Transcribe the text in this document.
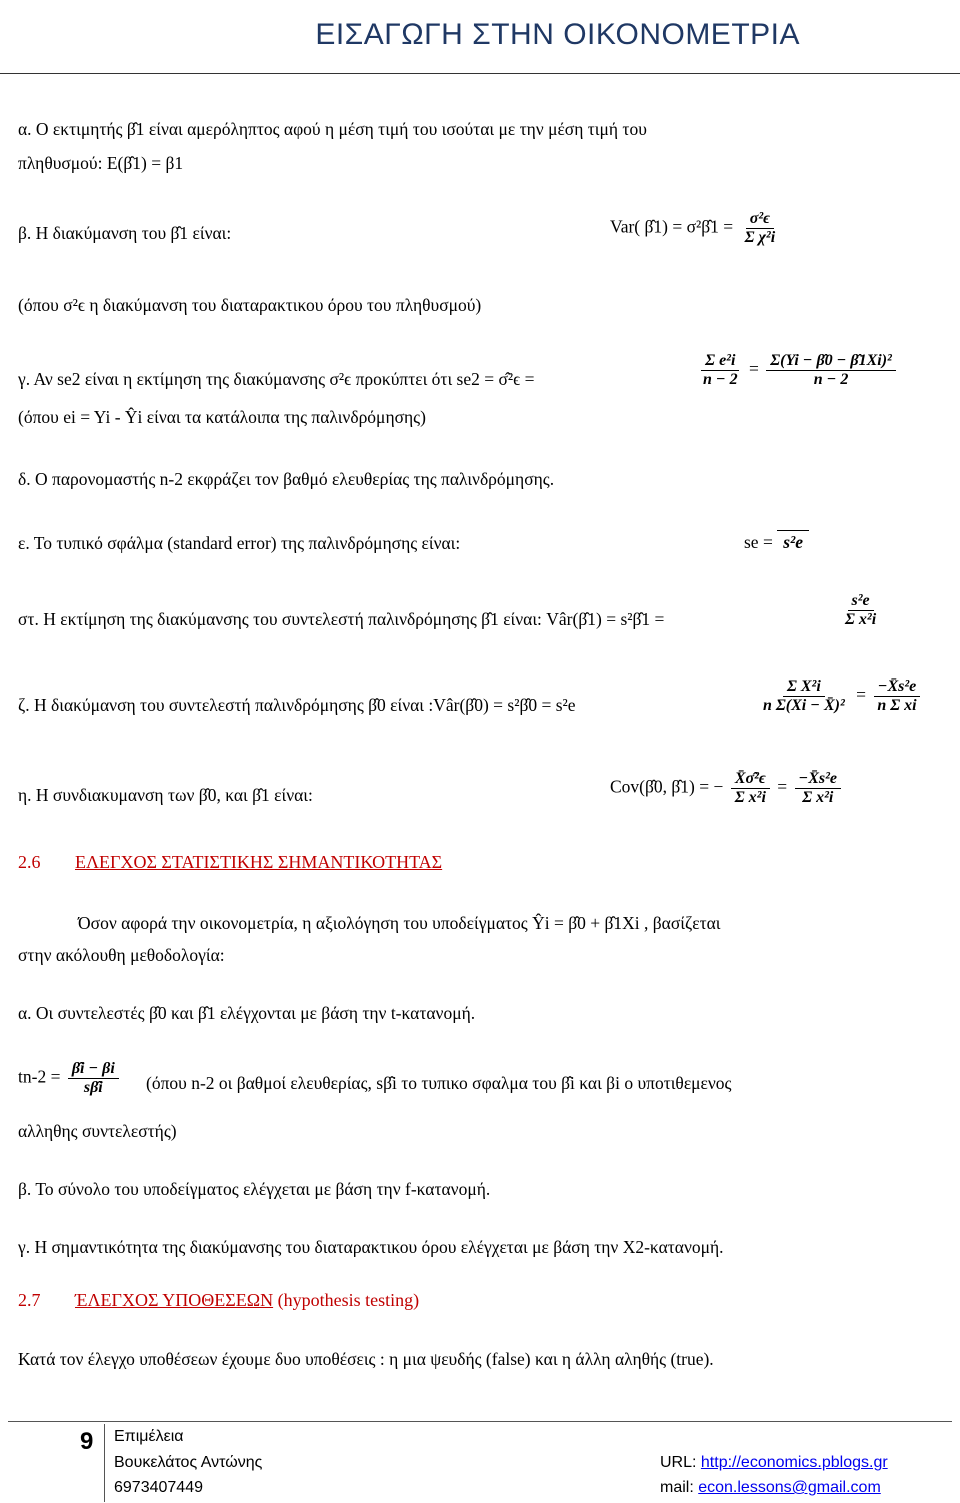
ΕΙΣΑΓΩΓΗ ΣΤΗΝ ΟΙΚΟΝΟΜΕΤΡΙΑ
α. Ο εκτιμητής β̂1 είναι αμερόληπτος αφού η μέση τιμή του ισούται με την μέση τιμή του
πληθυσμού: Ε(β̂1) = β1
β. Η διακύμανση του β̂1 είναι:	Var( β̂1) = σ²β̂1 = $\frac{\text{σ²ϵ}}{\text{Σ χ²i}}$
(όπου σ²ϵ η διακύμανση του διαταρακτικου όρου του πληθυσμού)
γ. Αν se2 είναι η εκτίμηση της διακύμανσης σ²ϵ προκύπτει ότι se2 = σ̂²ϵ =	$\frac{\text{Σ e²i}}{n - 2} = \frac{\text{Σ(Yi − β̂0 − β̂1Xi)²}}{n - 2}$
(όπου ei = Yi - Ŷi είναι τα κατάλοιπα της παλινδρόμησης)
δ. Ο παρονομαστής n-2 εκφράζει τον βαθμό ελευθερίας της παλινδρόμησης.
ε. Το τυπικό σφάλμα (standard error) της παλινδρόμησης είναι:	se = s²e
στ. Η εκτίμηση της διακύμανσης του συντελεστή παλινδρόμησης β̂1 είναι: Vâr(β̂1) = s²β̂1 =	$\frac{\text{s²e}}{\text{Σ x²i}}$
ζ. Η διακύμανση του συντελεστή παλινδρόμησης β̂0 είναι :Vâr(β̂0) = s²β̂0 = s²e	$\frac{\text{Σ X²i}}{\text{n Σ(Xi − X̄)²}} = \frac{\text{−X̄s²e}}{\text{n Σ xi}}$
η. Η συνδιακυμανση των β̂0, και β̂1 είναι:	Cov(β̂0, β̂1) = − $\frac{\text{X̄σ̂²ϵ}}{\text{Σ x²i}} = \frac{\text{−X̄s²e}}{\text{Σ x²i}}$
2.6 ΕΛΕΓΧΟΣ ΣΤΑΤΙΣΤΙΚΗΣ ΣΗΜΑΝΤΙΚΟΤΗΤΑΣ
Όσον αφορά την οικονομετρία, η αξιολόγηση του υποδείγματος Ŷi = β̂0 + β̂1Xi , βασίζεται
στην ακόλουθη μεθοδολογία:
α. Οι συντελεστές β̂0 και β̂1 ελέγχονται με βάση την t-κατανομή.
$tn-2 = \frac{\betâi - \beta i}{s\betâi} (ό\pi o\upsilon$ n-2 οι βαθμοί ελευθερίας, sβ̂i το τυπικο σφαλμα του β̂i και βi ο υποτιθεμενος
αλληθης συντελεστής)
β. Το σύνολο του υποδείγματος ελέγχεται με βάση την f-κατανομή.
γ. Η σημαντικότητα της διακύμανσης του διαταρακτικου όρου ελέγχεται με βάση την Χ2-κατανομή.
2.7 ΈΛΕΓΧΟΣ ΥΠΟΘΕΣΕΩΝ (hypothesis testing)
Κατά τον έλεγχο υποθέσεων έχουμε δυο υποθέσεις : η μια ψευδής (false) και η άλλη αληθής (true).
9 Επιμέλεια
Βουκελάτος Αντώνης
6973407449
URL: http://economics.pblogs.gr
mail: econ.lessons@gmail.com
